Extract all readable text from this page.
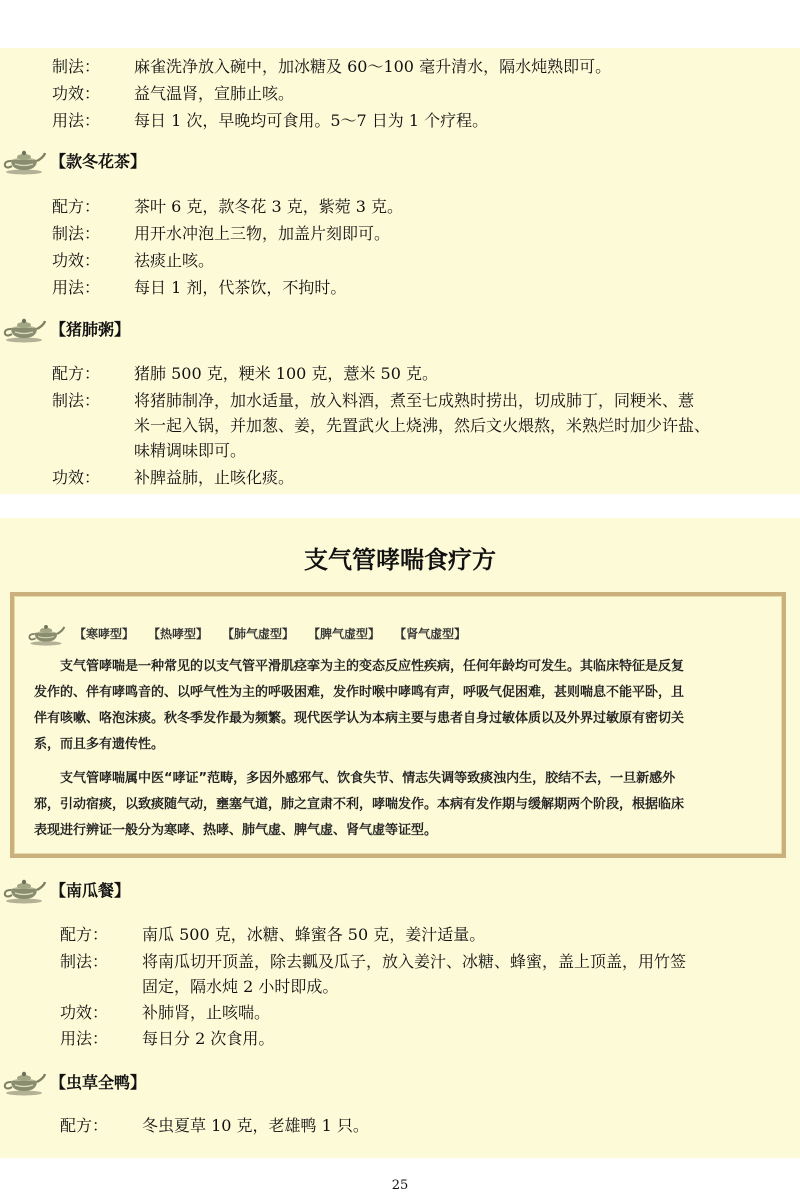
制法： 麻雀洗净放入碗中，加冰糖及 60～100 毫升清水，隔水炖熟即可。
功效： 益气温肾，宣肺止咳。
用法： 每日 1 次，早晚均可食用。5～7 日为 1 个疗程。
【款冬花茶】
配方： 茶叶 6 克，款冬花 3 克，紫菀 3 克。
制法： 用开水冲泡上三物，加盖片刻即可。
功效： 祛痰止咳。
用法： 每日 1 剂，代茶饮，不拘时。
【猪肺粥】
配方： 猪肺 500 克，粳米 100 克，薏米 50 克。
制法： 将猪肺制净，加水适量，放入料酒，煮至七成熟时捞出，切成肺丁，同粳米、薏
米一起入锅，并加葱、姜，先置武火上烧沸，然后文火煨熬，米熟烂时加少许盐、
味精调味即可。
功效： 补脾益肺，止咳化痰。
支气管哮喘食疗方
【寒哮型】 【热哮型】 【肺气虚型】 【脾气虚型】 【肾气虚型】
支气管哮喘是一种常见的以支气管平滑肌痉挛为主的变态反应性疾病，任何年龄均可发生。其临床特征是反复
发作的、伴有哮鸣音的、以呼气性为主的呼吸困难，发作时喉中哮鸣有声，呼吸气促困难，甚则喘息不能平卧，且
伴有咳嗽、咯泡沫痰。秋冬季发作最为频繁。现代医学认为本病主要与患者自身过敏体质以及外界过敏原有密切关
系，而且多有遗传性。
支气管哮喘属中医“哮证”范畴，多因外感邪气、饮食失节、情志失调等致痰浊内生，胶结不去，一旦新感外
邪，引动宿痰，以致痰随气动，壅塞气道，肺之宣肃不利，哮喘发作。本病有发作期与缓解期两个阶段，根据临床
表现进行辨证一般分为寒哮、热哮、肺气虚、脾气虚、肾气虚等证型。
【南瓜餐】
配方： 南瓜 500 克，冰糖、蜂蜜各 50 克，姜汁适量。
制法： 将南瓜切开顶盖，除去瓤及瓜子，放入姜汁、冰糖、蜂蜜，盖上顶盖，用竹签
固定，隔水炖 2 小时即成。
功效： 补肺肾，止咳喘。
用法： 每日分 2 次食用。
【虫草全鸭】
配方： 冬虫夏草 10 克，老雄鸭 1 只。
25
